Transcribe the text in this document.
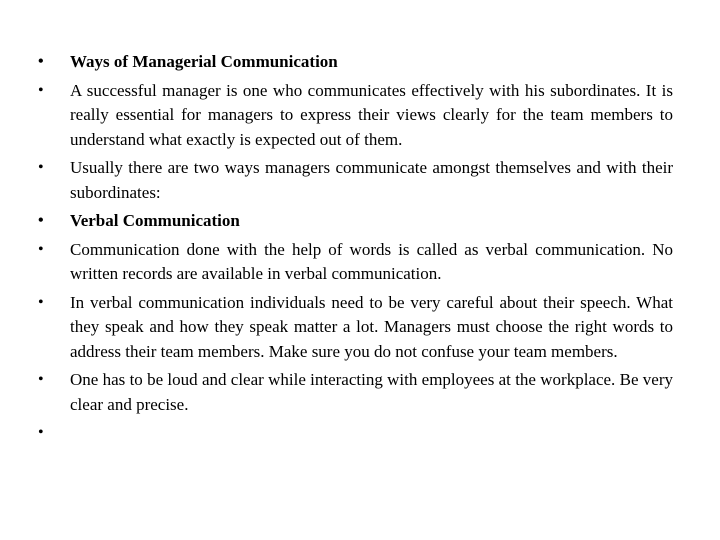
• Ways of Managerial Communication
• A successful manager is one who communicates effectively with his subordinates. It is really essential for managers to express their views clearly for the team members to understand what exactly is expected out of them.
• Usually there are two ways managers communicate amongst themselves and with their subordinates:
• Verbal Communication
• Communication done with the help of words is called as verbal communication. No written records are available in verbal communication.
• In verbal communication individuals need to be very careful about their speech. What they speak and how they speak matter a lot. Managers must choose the right words to address their team members. Make sure you do not confuse your team members.
• One has to be loud and clear while interacting with employees at the workplace. Be very clear and precise.
•
